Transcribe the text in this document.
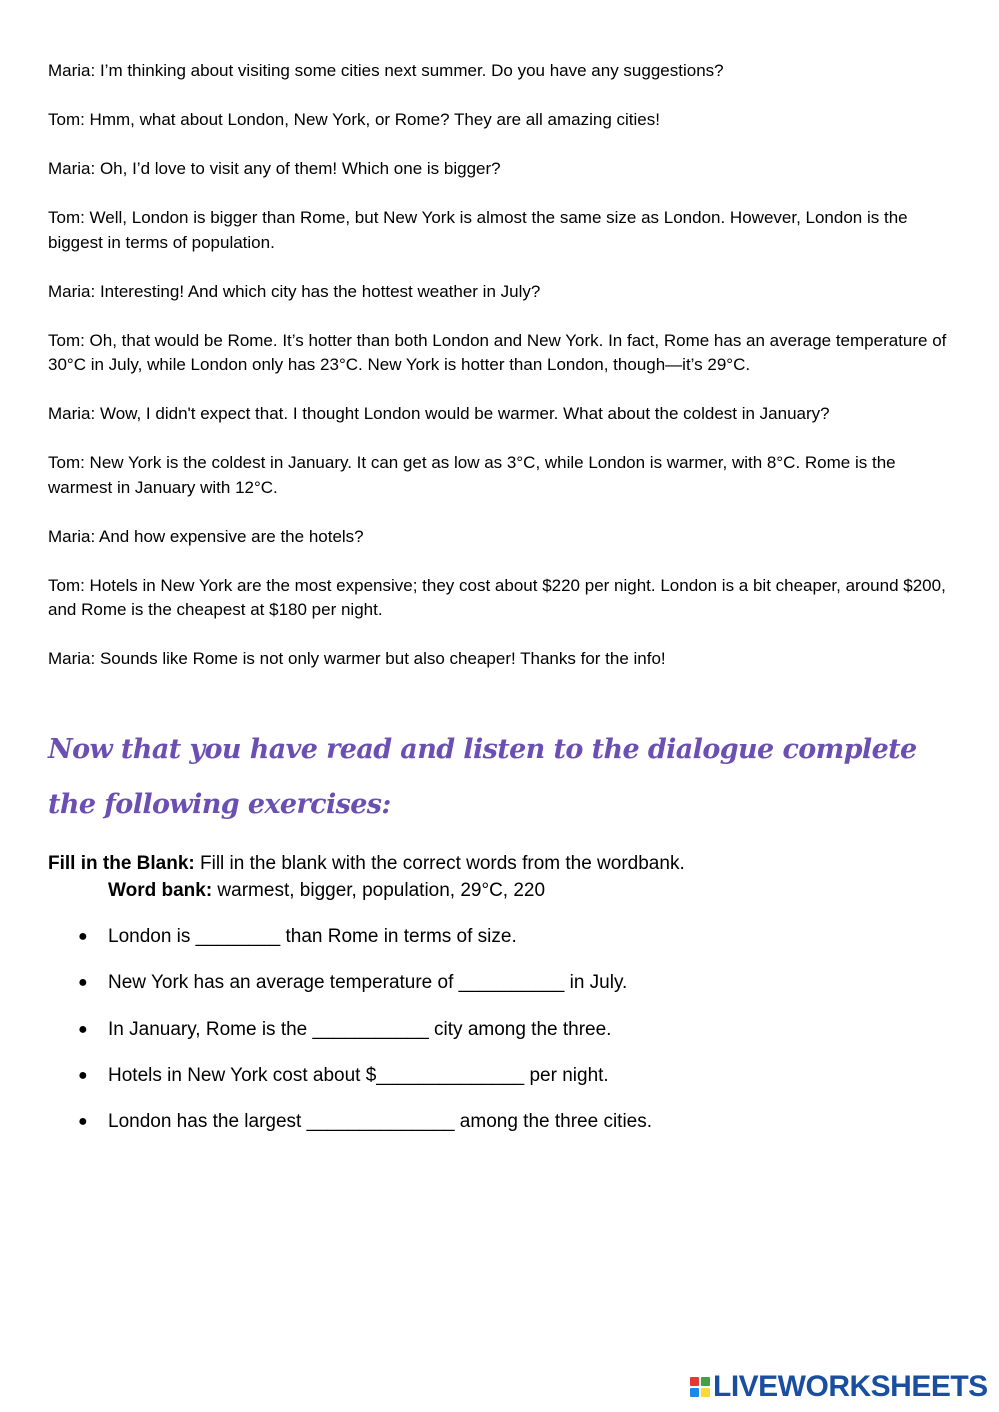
Maria: I’m thinking about visiting some cities next summer. Do you have any suggestions?

Tom: Hmm, what about London, New York, or Rome? They are all amazing cities!

Maria: Oh, I’d love to visit any of them! Which one is bigger?

Tom: Well, London is bigger than Rome, but New York is almost the same size as London. However, London is the biggest in terms of population.

Maria: Interesting! And which city has the hottest weather in July?

Tom: Oh, that would be Rome. It’s hotter than both London and New York. In fact, Rome has an average temperature of 30°C in July, while London only has 23°C. New York is hotter than London, though—it’s 29°C.

Maria: Wow, I didn't expect that. I thought London would be warmer. What about the coldest in January?

Tom: New York is the coldest in January. It can get as low as 3°C, while London is warmer, with 8°C. Rome is the warmest in January with 12°C.

Maria: And how expensive are the hotels?

Tom: Hotels in New York are the most expensive; they cost about $220 per night. London is a bit cheaper, around $200, and Rome is the cheapest at $180 per night.

Maria: Sounds like Rome is not only warmer but also cheaper! Thanks for the info!

Now that you have read and listen to the dialogue complete the following exercises:
Fill in the Blank: Fill in the blank with the correct words from the wordbank.
Word bank: warmest, bigger, population, 29°C, 220
● London is ________ than Rome in terms of size.
● New York has an average temperature of __________ in July.
● In January, Rome is the ___________ city among the three.
● Hotels in New York cost about $______________ per night.
● London has the largest ______________ among the three cities.
LIVEWORKSHEETS
